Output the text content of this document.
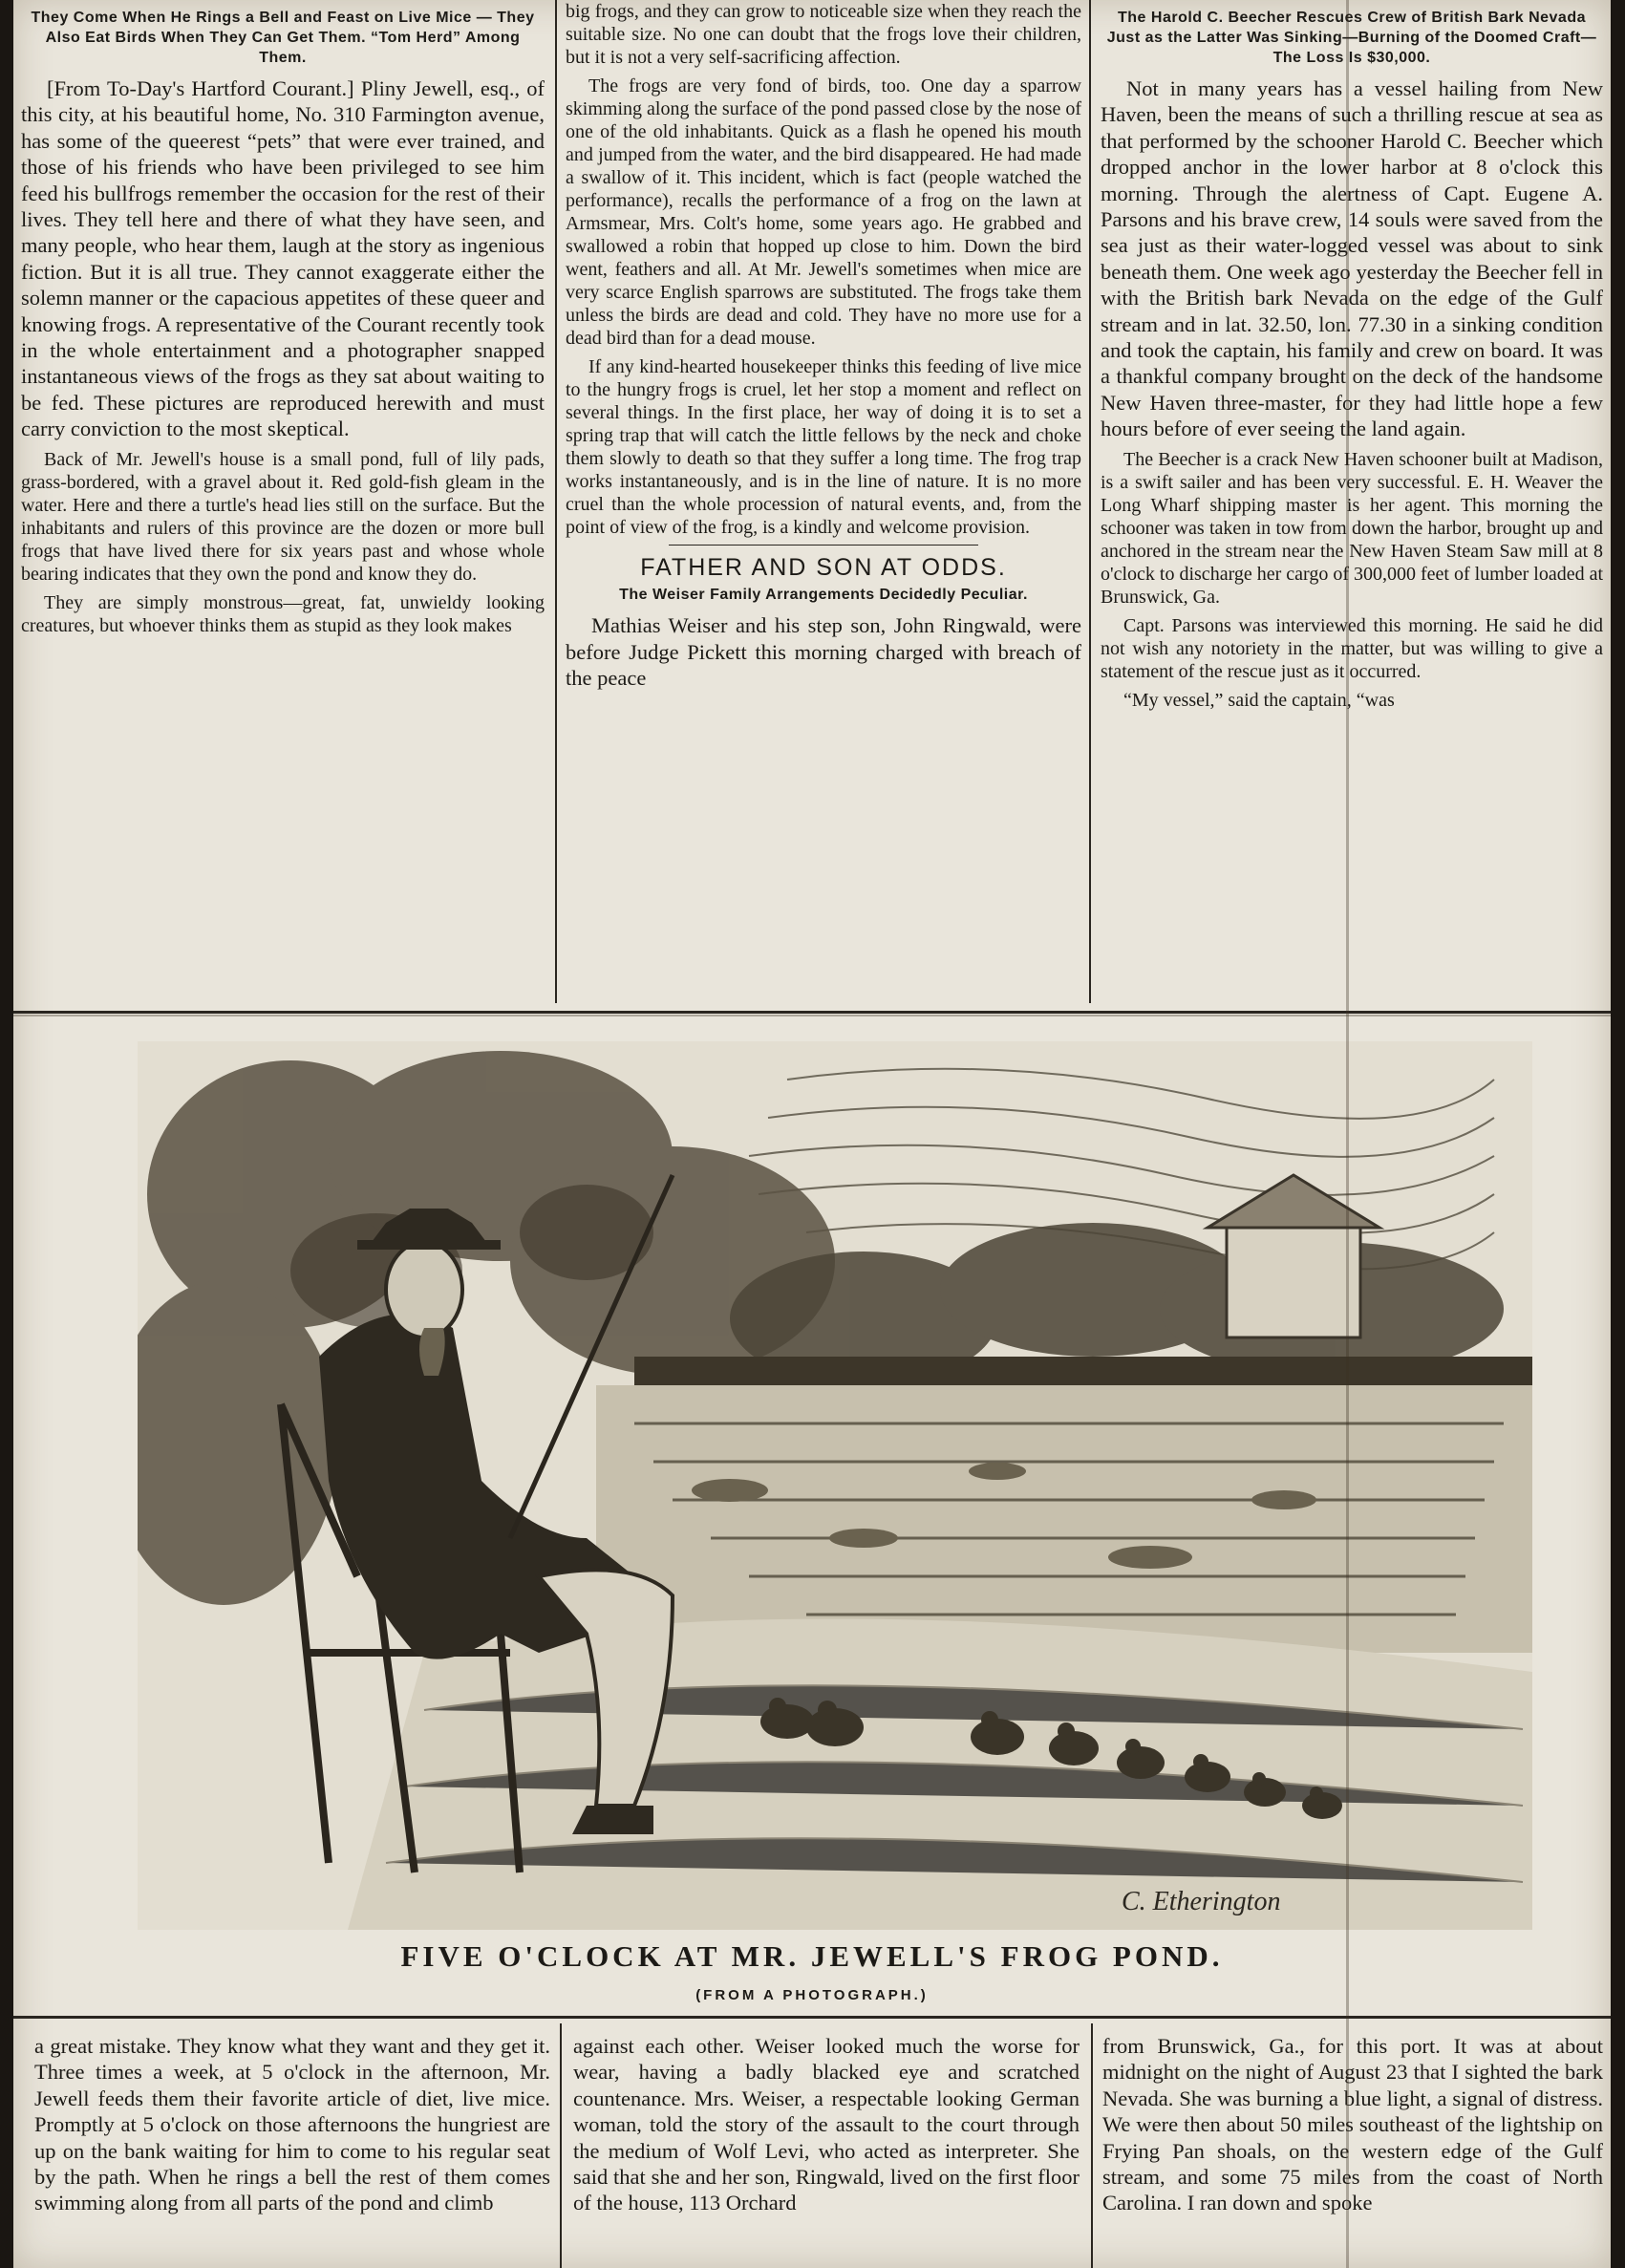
They Come When He Rings a Bell and Feast on Live Mice — They Also Eat Birds When They Can Get Them. “Tom Herd” Among Them.

[From To-Day's Hartford Courant.] Pliny Jewell, esq., of this city, at his beautiful home, No. 310 Farmington avenue, has some of the queerest “pets” that were ever trained, and those of his friends who have been privileged to see him feed his bullfrogs remember the occasion for the rest of their lives. They tell here and there of what they have seen, and many people, who hear them, laugh at the story as ingenious fiction. But it is all true. They cannot exaggerate either the solemn manner or the capacious appetites of these queer and knowing frogs. A representative of the Courant recently took in the whole entertainment and a photographer snapped instantaneous views of the frogs as they sat about waiting to be fed. These pictures are reproduced herewith and must carry conviction to the most skeptical.

Back of Mr. Jewell's house is a small pond, full of lily pads, grass-bordered, with a gravel about it. Red gold-fish gleam in the water. Here and there a turtle's head lies still on the surface. But the inhabitants and rulers of this province are the dozen or more bull frogs that have lived there for six years past and whose whole bearing indicates that they own the pond and know they do.

They are simply monstrous—great, fat, unwieldy looking creatures, but whoever thinks them as stupid as they look makes

big frogs, and they can grow to noticeable size when they reach the suitable size. No one can doubt that the frogs love their children, but it is not a very self-sacrificing affection.

The frogs are very fond of birds, too. One day a sparrow skimming along the surface of the pond passed close by the nose of one of the old inhabitants. Quick as a flash he opened his mouth and jumped from the water, and the bird disappeared. He had made a swallow of it. This incident, which is fact (people watched the performance), recalls the performance of a frog on the lawn at Armsmear, Mrs. Colt's home, some years ago. He grabbed and swallowed a robin that hopped up close to him. Down the bird went, feathers and all. At Mr. Jewell's sometimes when mice are very scarce English sparrows are substituted. The frogs take them unless the birds are dead and cold. They have no more use for a dead bird than for a dead mouse.

If any kind-hearted housekeeper thinks this feeding of live mice to the hungry frogs is cruel, let her stop a moment and reflect on several things. In the first place, her way of doing it is to set a spring trap that will catch the little fellows by the neck and choke them slowly to death so that they suffer a long time. The frog trap works instantaneously, and is in the line of nature. It is no more cruel than the whole procession of natural events, and, from the point of view of the frog, is a kindly and welcome provision.

FATHER AND SON AT ODDS.
The Weiser Family Arrangements Decidedly Peculiar.

Mathias Weiser and his step son, John Ringwald, were before Judge Pickett this morning charged with breach of the peace

The Harold C. Beecher Rescues Crew of British Bark Nevada Just as the Latter Was Sinking—Burning of the Doomed Craft—The Loss Is $30,000.

Not in many years has a vessel hailing from New Haven, been the means of such a thrilling rescue at sea as that performed by the schooner Harold C. Beecher which dropped anchor in the lower harbor at 8 o'clock this morning. Through the alertness of Capt. Eugene A. Parsons and his brave crew, 14 souls were saved from the sea just as their water-logged vessel was about to sink beneath them. One week ago yesterday the Beecher fell in with the British bark Nevada on the edge of the Gulf stream and in lat. 32.50, lon. 77.30 in a sinking condition and took the captain, his family and crew on board. It was a thankful company brought on the deck of the handsome New Haven three-master, for they had little hope a few hours before of ever seeing the land again.

The Beecher is a crack New Haven schooner built at Madison, is a swift sailer and has been very successful. E. H. Weaver the Long Wharf shipping master is her agent. This morning the schooner was taken in tow from down the harbor, brought up and anchored in the stream near the New Haven Steam Saw mill at 8 o'clock to discharge her cargo of 300,000 feet of lumber loaded at Brunswick, Ga.

Capt. Parsons was interviewed this morning. He said he did not wish any notoriety in the matter, but was willing to give a statement of the rescue just as it occurred.

“My vessel,” said the captain, “was

C. Etherington
FIVE O'CLOCK AT MR. JEWELL'S FROG POND.
(FROM A PHOTOGRAPH.)

a great mistake. They know what they want and they get it. Three times a week, at 5 o'clock in the afternoon, Mr. Jewell feeds them their favorite article of diet, live mice. Promptly at 5 o'clock on those afternoons the hungriest are up on the bank waiting for him to come to his regular seat by the path. When he rings a bell the rest of them comes swimming along from all parts of the pond and climb

against each other. Weiser looked much the worse for wear, having a badly blacked eye and scratched countenance. Mrs. Weiser, a respectable looking German woman, told the story of the assault to the court through the medium of Wolf Levi, who acted as interpreter. She said that she and her son, Ringwald, lived on the first floor of the house, 113 Orchard

from Brunswick, Ga., for this port. It was at about midnight on the night of August 23 that I sighted the bark Nevada. She was burning a blue light, a signal of distress. We were then about 50 miles southeast of the lightship on Frying Pan shoals, on the western edge of the Gulf stream, and some 75 miles from the coast of North Carolina. I ran down and spoke
